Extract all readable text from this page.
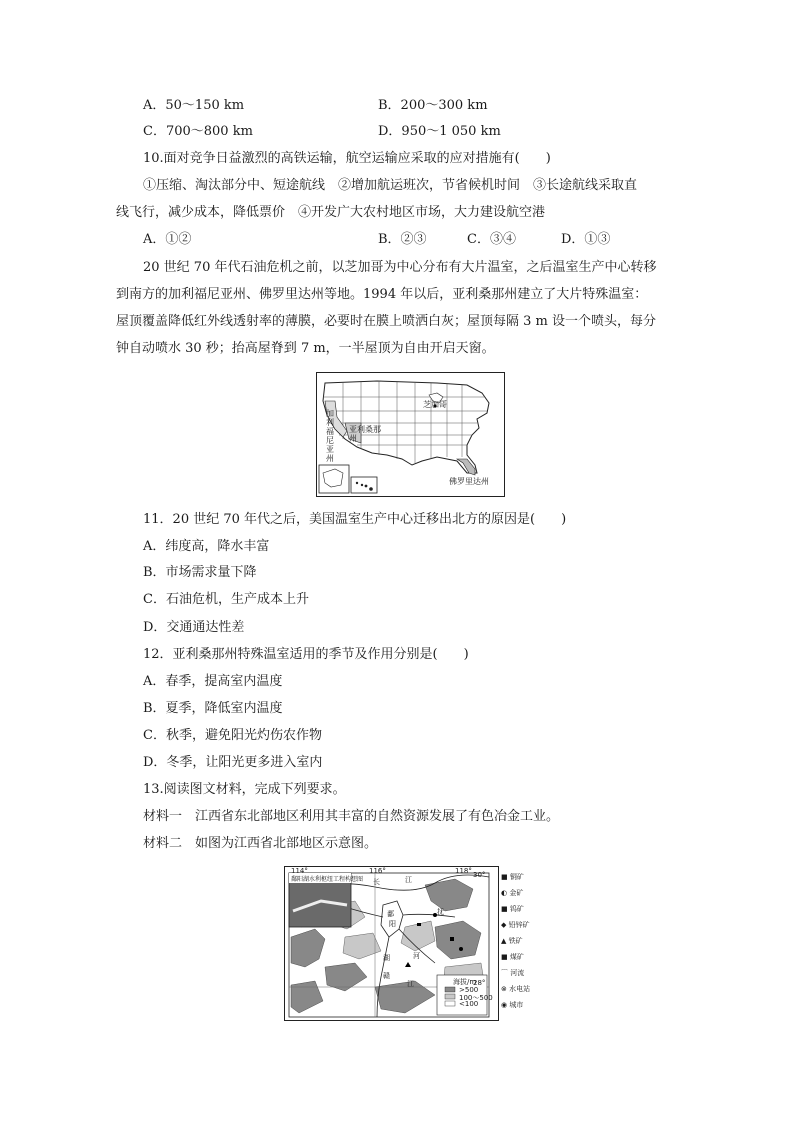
A．50～150 km	B．200～300 km
C．700～800 km	D．950～1 050 km
10.面对竞争日益激烈的高铁运输，航空运输应采取的应对措施有(　　)
①压缩、淘汰部分中、短途航线　②增加航运班次，节省候机时间　③长途航线采取直
线飞行，减少成本，降低票价　④开发广大农村地区市场，大力建设航空港
A．①②	B．②③	C．③④	D．①③
20 世纪 70 年代石油危机之前，以芝加哥为中心分布有大片温室，之后温室生产中心转移
到南方的加利福尼亚州、佛罗里达州等地。1994 年以后，亚利桑那州建立了大片特殊温室：
屋顶覆盖降低红外线透射率的薄膜，必要时在膜上喷洒白灰；屋顶每隔 3 m 设一个喷头，每分
钟自动喷水 30 秒；抬高屋脊到 7 m，一半屋顶为自由开启天窗。
加利福尼亚州
芝加哥
亚利桑那州
佛罗里达州
11．20 世纪 70 年代之后，美国温室生产中心迁移出北方的原因是(　　)
A．纬度高，降水丰富
B．市场需求量下降
C．石油危机，生产成本上升
D．交通通达性差
12．亚利桑那州特殊温室适用的季节及作用分别是(　　)
A．春季，提高室内温度
B．夏季，降低室内温度
C．秋季，避免阳光灼伤农作物
D．冬季，让阳光更多进入室内
13.阅读图文材料，完成下列要求。
材料一　江西省东北部地区利用其丰富的自然资源发展了有色冶金工业。
材料二　如图为江西省北部地区示意图。
114°	116°	118° 30°
28°
鄱阳湖水利枢纽工程构想图 长	江
鄱
阳
湖
赣
江
河
抚
海拔/m
>500
100～500
<100
■ 铜矿
◐ 金矿
■ 钨矿
◆ 铅锌矿
▲ 铁矿
■ 煤矿
⌒ 河流
⊗ 水电站
◉ 城市
